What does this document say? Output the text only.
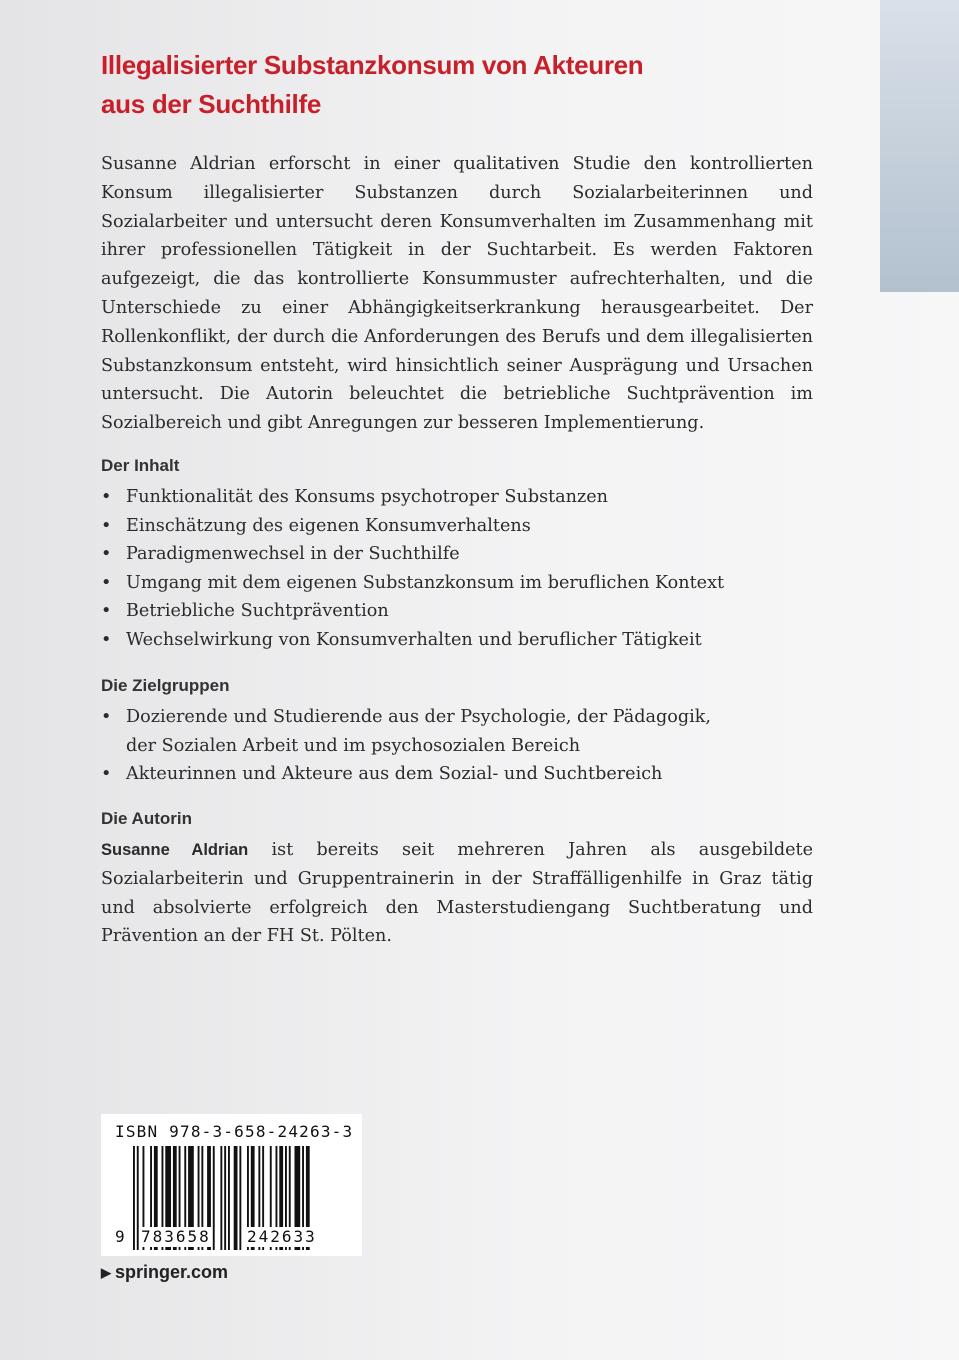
Illegalisierter Substanzkonsum von Akteuren
aus der Suchthilfe

Susanne Aldrian erforscht in einer qualitativen Studie den kontrollierten Konsum illegalisierter Substanzen durch Sozialarbeiterinnen und Sozialarbeiter und untersucht deren Konsumverhalten im Zusammenhang mit ihrer professionellen Tätigkeit in der Suchtarbeit. Es werden Faktoren aufgezeigt, die das kontrollierte Konsummuster aufrechterhalten, und die Unterschiede zu einer Abhängigkeitserkrankung herausgearbeitet. Der Rollenkonflikt, der durch die Anforderungen des Berufs und dem illegalisierten Substanzkonsum entsteht, wird hinsichtlich seiner Ausprägung und Ursachen untersucht. Die Autorin beleuchtet die betriebliche Suchtprävention im Sozialbereich und gibt Anregungen zur besseren Implementierung.

Der Inhalt
• Funktionalität des Konsums psychotroper Substanzen
• Einschätzung des eigenen Konsumverhaltens
• Paradigmenwechsel in der Suchthilfe
• Umgang mit dem eigenen Substanzkonsum im beruflichen Kontext
• Betriebliche Suchtprävention
• Wechselwirkung von Konsumverhalten und beruflicher Tätigkeit
Die Zielgruppen
• Dozierende und Studierende aus der Psychologie, der Pädagogik, der Sozialen Arbeit und im psychosozialen Bereich
• Akteurinnen und Akteure aus dem Sozial- und Suchtbereich
Die Autorin

Susanne Aldrian ist bereits seit mehreren Jahren als ausgebildete Sozialarbeiterin und Gruppentrainerin in der Straffälligenhilfe in Graz tätig und absolvierte erfolgreich den Masterstudiengang Suchtberatung und Prävention an der FH St. Pölten.

ISBN 978-3-658-24263-3
9 783658 242633
▶ springer.com
